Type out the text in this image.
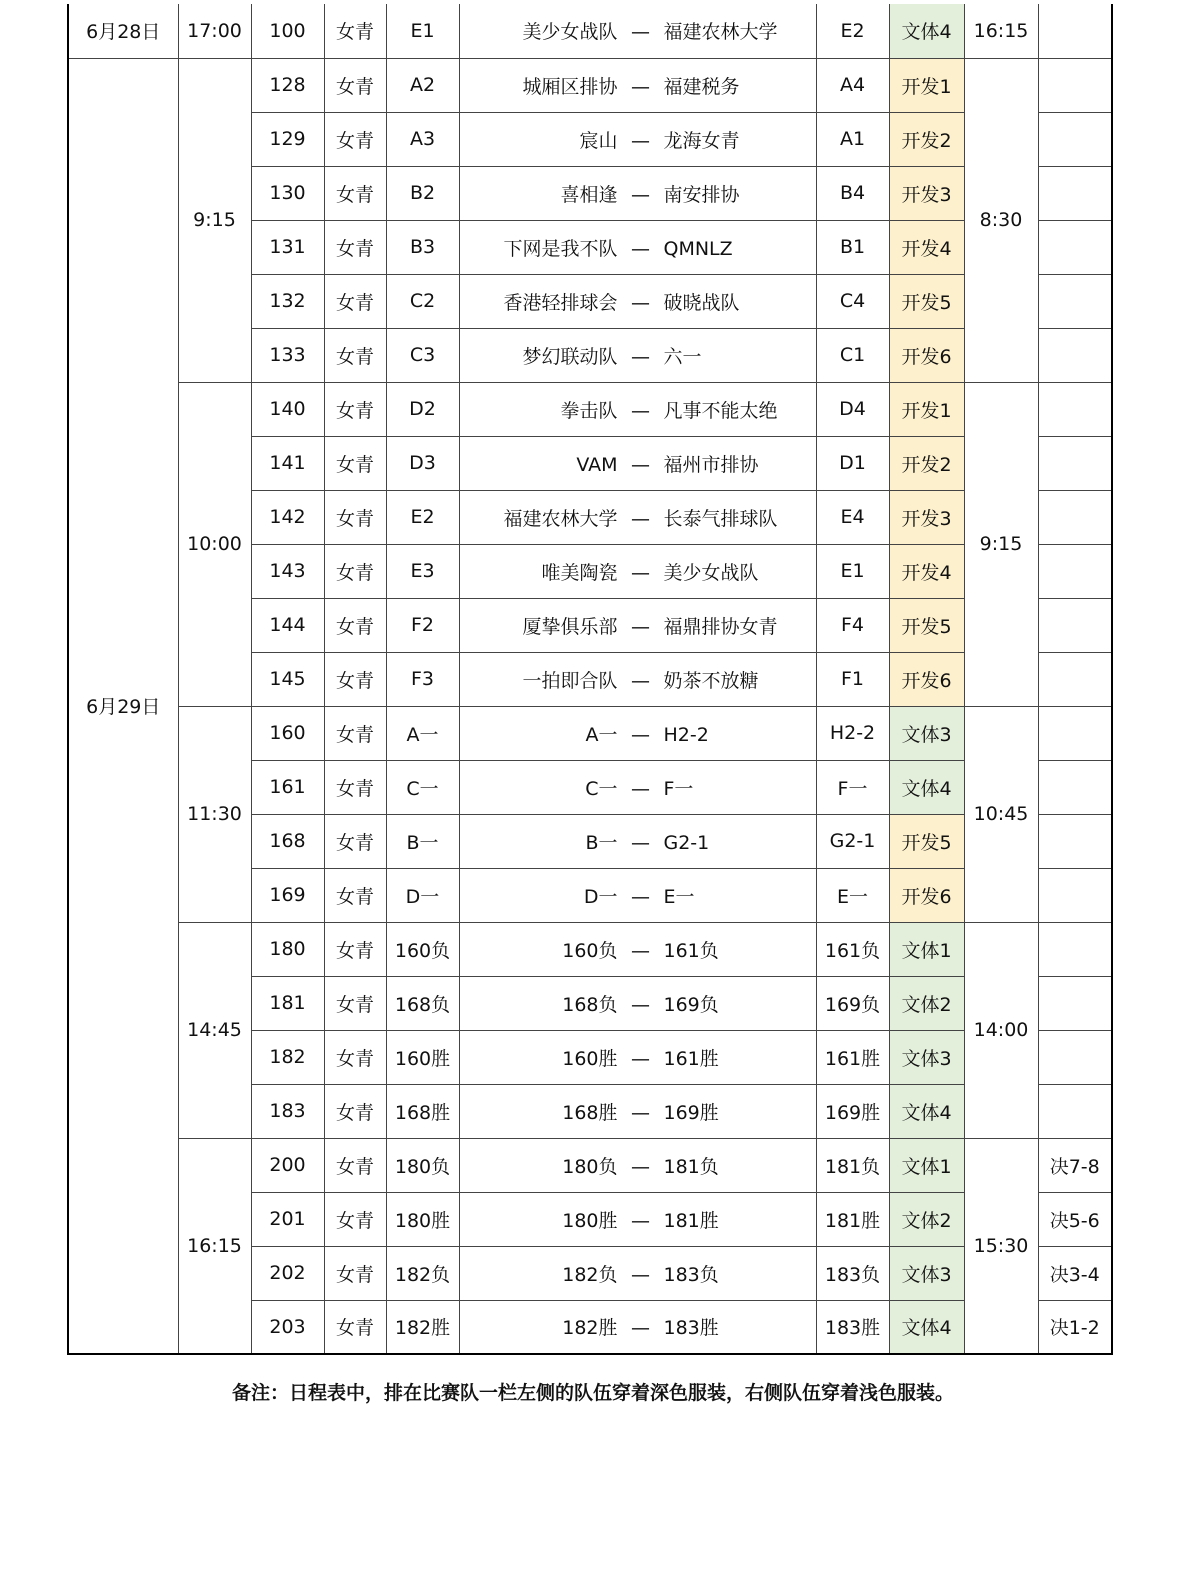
6月28日	17:00	100	女青	E1	美少女战队 — 福建农林大学	E2	文体4	16:15	
6月29日	9:15	128	女青	A2	城厢区排协 — 福建税务	A4	开发1	8:30	
		129	女青	A3	宸山 — 龙海女青	A1	开发2		
		130	女青	B2	喜相逢 — 南安排协	B4	开发3		
		131	女青	B3	下网是我不队 — QMNLZ	B1	开发4		
		132	女青	C2	香港轻排球会 — 破晓战队	C4	开发5		
		133	女青	C3	梦幻联动队 — 六一	C1	开发6		
	10:00	140	女青	D2	拳击队 — 凡事不能太绝	D4	开发1	9:15	
		141	女青	D3	VAM — 福州市排协	D1	开发2		
		142	女青	E2	福建农林大学 — 长泰气排球队	E4	开发3		
		143	女青	E3	唯美陶瓷 — 美少女战队	E1	开发4		
		144	女青	F2	厦挚俱乐部 — 福鼎排协女青	F4	开发5		
		145	女青	F3	一拍即合队 — 奶茶不放糖	F1	开发6		
	11:30	160	女青	A一	A一 — H2-2	H2-2	文体3	10:45	
		161	女青	C一	C一 — F一	F一	文体4		
		168	女青	B一	B一 — G2-1	G2-1	开发5		
		169	女青	D一	D一 — E一	E一	开发6		
	14:45	180	女青	160负	160负 — 161负	161负	文体1	14:00	
		181	女青	168负	168负 — 169负	169负	文体2		
		182	女青	160胜	160胜 — 161胜	161胜	文体3		
		183	女青	168胜	168胜 — 169胜	169胜	文体4		
	16:15	200	女青	180负	180负 — 181负	181负	文体1	15:30	决7-8
		201	女青	180胜	180胜 — 181胜	181胜	文体2		决5-6
		202	女青	182负	182负 — 183负	183负	文体3		决3-4
		203	女青	182胜	182胜 — 183胜	183胜	文体4		决1-2
备注：日程表中，排在比赛队一栏左侧的队伍穿着深色服装，右侧队伍穿着浅色服装。
